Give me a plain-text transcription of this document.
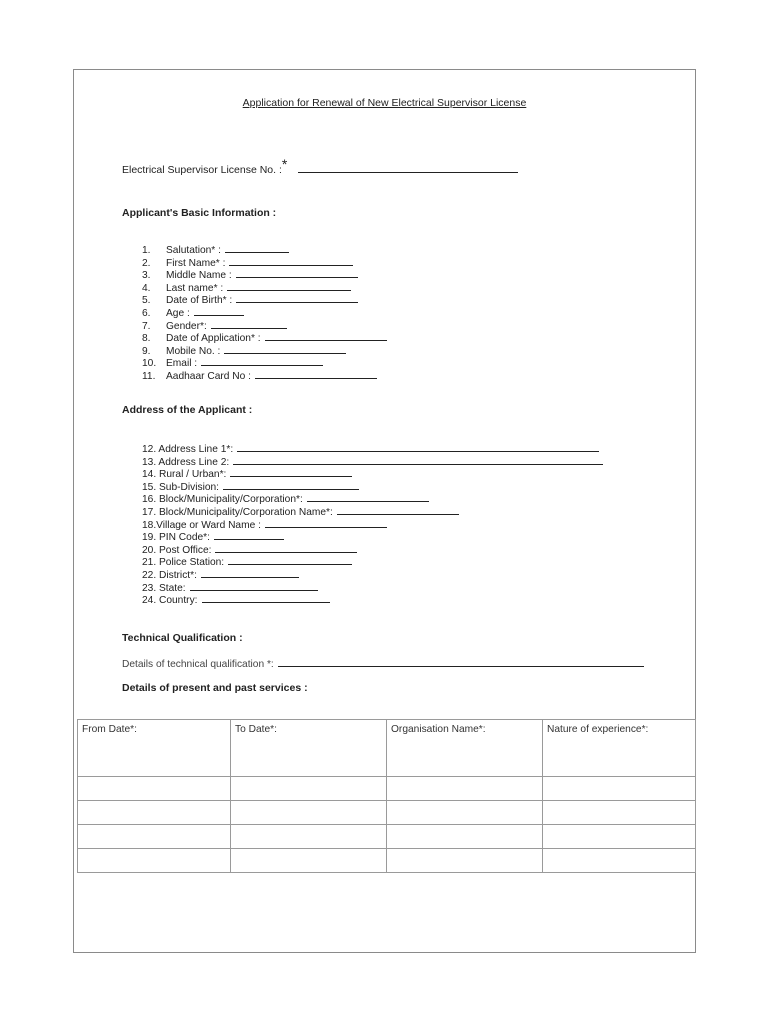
Application for Renewal of New Electrical Supervisor License
Electrical Supervisor License No. :*
Applicant's Basic Information :
1. Salutation* :
2. First Name* :
3. Middle Name :
4. Last name* :
5. Date of Birth* :
6. Age :
7. Gender*:
8. Date of Application* :
9. Mobile No. :
10. Email :
11. Aadhaar Card No :
Address of the Applicant :
12. Address Line 1*:
13. Address Line 2:
14. Rural / Urban*:
15. Sub-Division:
16. Block/Municipality/Corporation*:
17. Block/Municipality/Corporation Name*:
18.Village or Ward Name :
19. PIN Code*:
20. Post Office:
21. Police Station:
22. District*:
23. State:
24. Country:
Technical Qualification :
Details of technical qualification *:
Details of present and past services :
From Date*:	To Date*:	Organisation Name*:	Nature of experience*:
